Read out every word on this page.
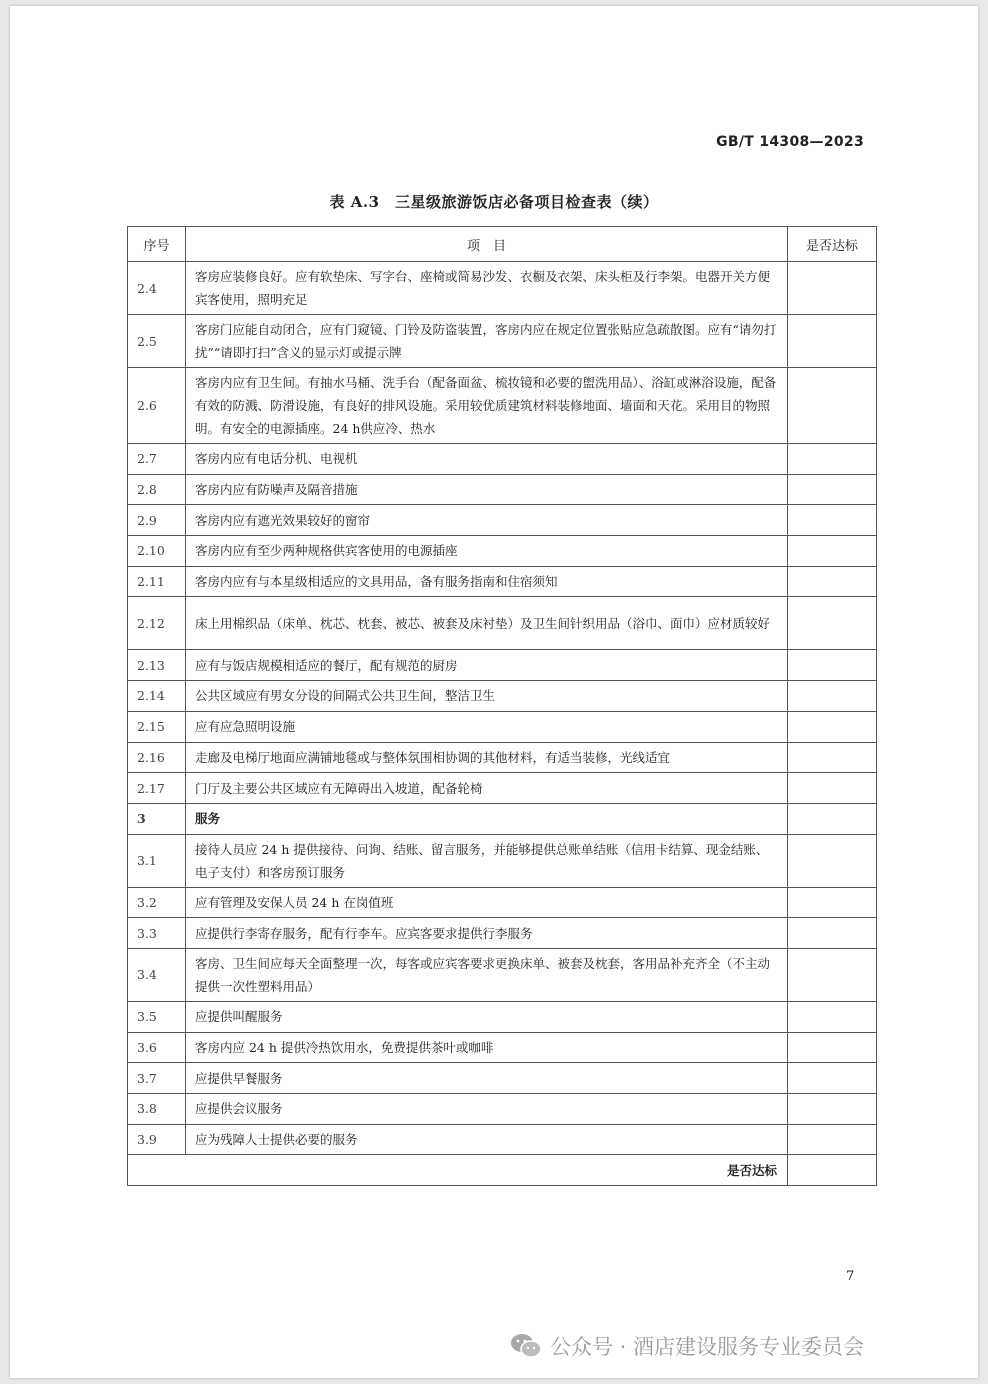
GB/T 14308—2023
表 A.3　三星级旅游饭店必备项目检查表（续）
序号	项　目	是否达标
2.4	客房应装修良好。应有软垫床、写字台、座椅或简易沙发、衣橱及衣架、床头柜及行李架。电器开关方便宾客使用，照明充足	
2.5	客房门应能自动闭合，应有门窥镜、门铃及防盗装置，客房内应在规定位置张贴应急疏散图。应有“请勿打扰”“请即打扫”含义的显示灯或提示牌	
2.6	客房内应有卫生间。有抽水马桶、洗手台（配备面盆、梳妆镜和必要的盥洗用品）、浴缸或淋浴设施，配备有效的防溅、防滑设施，有良好的排风设施。采用较优质建筑材料装修地面、墙面和天花。采用目的物照明。有安全的电源插座。24 h供应冷、热水	
2.7	客房内应有电话分机、电视机	
2.8	客房内应有防噪声及隔音措施	
2.9	客房内应有遮光效果较好的窗帘	
2.10	客房内应有至少两种规格供宾客使用的电源插座	
2.11	客房内应有与本星级相适应的文具用品，备有服务指南和住宿须知	
2.12	床上用棉织品（床单、枕芯、枕套、被芯、被套及床衬垫）及卫生间针织用品（浴巾、面巾）应材质较好	
2.13	应有与饭店规模相适应的餐厅，配有规范的厨房	
2.14	公共区域应有男女分设的间隔式公共卫生间，整洁卫生	
2.15	应有应急照明设施	
2.16	走廊及电梯厅地面应满铺地毯或与整体氛围相协调的其他材料，有适当装修，光线适宜	
2.17	门厅及主要公共区域应有无障碍出入坡道，配备轮椅	
3	服务	
3.1	接待人员应 24 h 提供接待、问询、结账、留言服务，并能够提供总账单结账（信用卡结算、现金结账、电子支付）和客房预订服务	
3.2	应有管理及安保人员 24 h 在岗值班	
3.3	应提供行李寄存服务，配有行李车。应宾客要求提供行李服务	
3.4	客房、卫生间应每天全面整理一次，每客或应宾客要求更换床单、被套及枕套，客用品补充齐全（不主动提供一次性塑料用品）	
3.5	应提供叫醒服务	
3.6	客房内应 24 h 提供冷热饮用水，免费提供茶叶或咖啡	
3.7	应提供早餐服务	
3.8	应提供会议服务	
3.9	应为残障人士提供必要的服务	
是否达标		
7
公众号 · 酒店建设服务专业委员会
